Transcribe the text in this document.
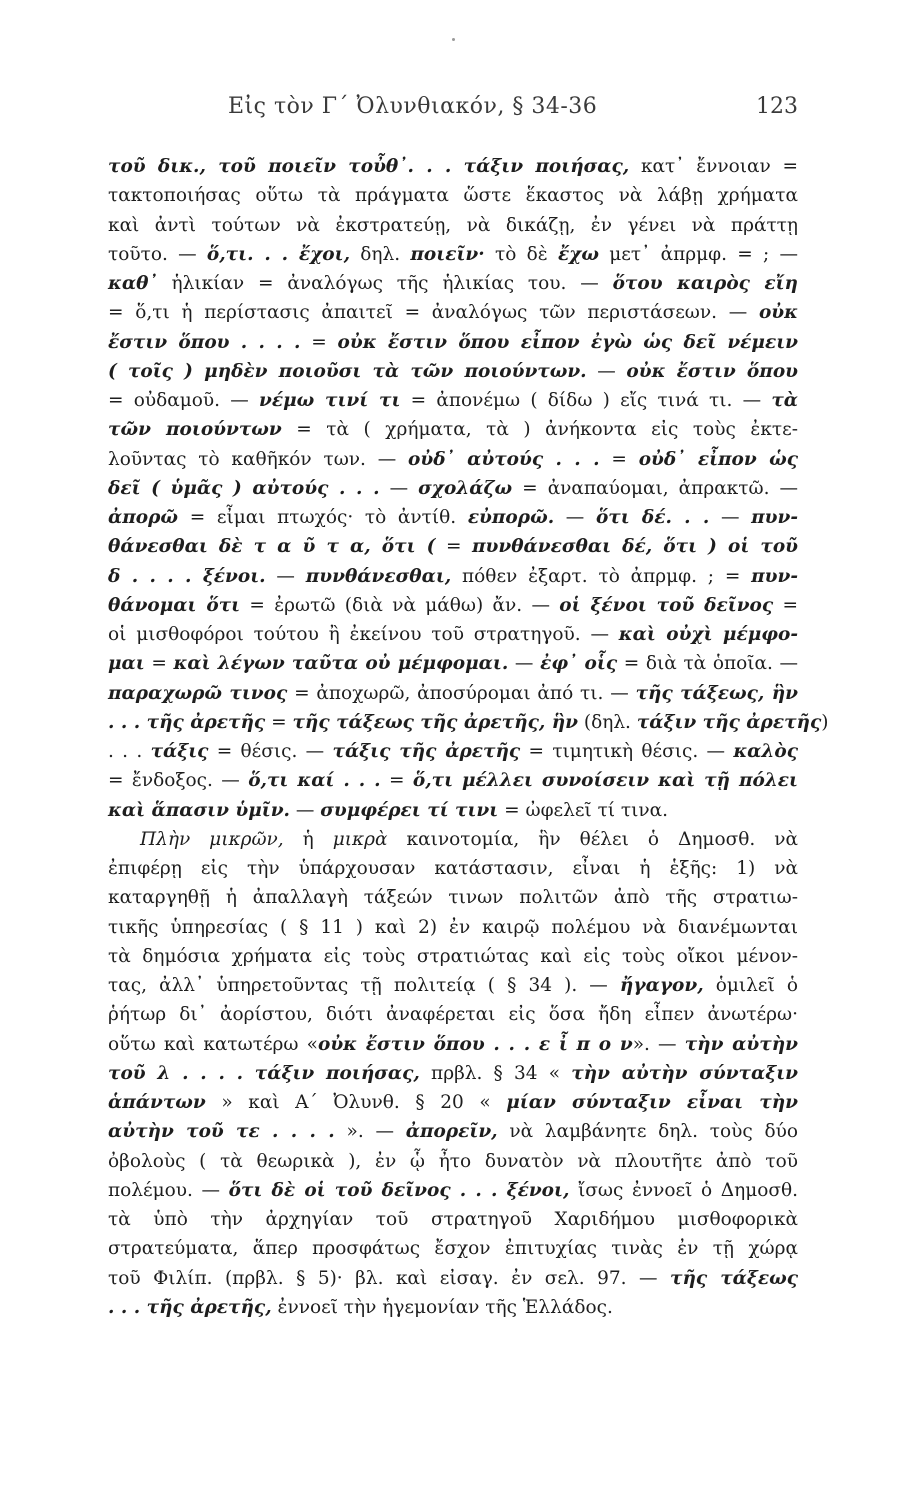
Εἰς τὸν Γ΄ Ὀλυνθιακόν, § 34-36	123
τοῦ δικ., τοῦ ποιεῖν τοὖθ᾽. . . τάξιν ποιήσας, κατ᾽ ἔννοιαν =
τακτοποιήσας οὕτω τὰ πράγματα ὥστε ἕκαστος νὰ λάβῃ χρήματα
καὶ ἀντὶ τούτων νὰ ἐκστρατεύῃ, νὰ δικάζῃ, ἐν γένει νὰ πράττῃ
τοῦτο. — ὅ,τι. . . ἔχοι, δηλ. ποιεῖν· τὸ δὲ ἔχω μετ᾽ ἀπρμφ. = ; —
καθ᾽ ἡλικίαν = ἀναλόγως τῆς ἡλικίας του. — ὅτου καιρὸς εἴη
= ὅ,τι ἡ περίστασις ἀπαιτεῖ = ἀναλόγως τῶν περιστάσεων. — οὐκ
ἔστιν ὅπου . . . . = οὐκ ἔστιν ὅπου εἶπον ἐγὼ ὡς δεῖ νέμειν
( τοῖς ) μηδὲν ποιοῦσι τὰ τῶν ποιούντων. — οὐκ ἔστιν ὅπου
= οὐδαμοῦ. — νέμω τινί τι = ἀπονέμω ( δίδω ) εἴς τινά τι. — τὰ
τῶν ποιούντων = τὰ ( χρήματα, τὰ ) ἀνήκοντα εἰς τοὺς ἐκτε-
λοῦντας τὸ καθῆκόν των. — οὐδ᾽ αὐτούς . . . = οὐδ᾽ εἶπον ὡς
δεῖ ( ὑμᾶς ) αὐτούς . . . — σχολάζω = ἀναπαύομαι, ἀπρακτῶ. —
ἀπορῶ = εἶμαι πτωχός· τὸ ἀντίθ. εὐπορῶ. — ὅτι δέ. . . — πυν-
θάνεσθαι δὲ τ α ῦ τ α, ὅτι ( = πυνθάνεσθαι δέ, ὅτι ) οἱ τοῦ
δ . . . . ξένοι. — πυνθάνεσθαι, πόθεν ἐξαρτ. τὸ ἀπρμφ. ; = πυν-
θάνομαι ὅτι = ἐρωτῶ (διὰ νὰ μάθω) ἄν. — οἱ ξένοι τοῦ δεῖνος =
οἱ μισθοφόροι τούτου ἢ ἐκείνου τοῦ στρατηγοῦ. — καὶ οὐχὶ μέμφο-
μαι = καὶ λέγων ταῦτα οὐ μέμφομαι. — ἐφ᾽ οἷς = διὰ τὰ ὁποῖα. —
παραχωρῶ τινος = ἀποχωρῶ, ἀποσύρομαι ἀπό τι. — τῆς τάξεως, ἣν
. . . τῆς ἀρετῆς = τῆς τάξεως τῆς ἀρετῆς, ἣν (δηλ. τάξιν τῆς ἀρετῆς)
. . . τάξις = θέσις. — τάξις τῆς ἀρετῆς = τιμητικὴ θέσις. — καλὸς
= ἔνδοξος. — ὅ,τι καί . . . = ὅ,τι μέλλει συνοίσειν καὶ τῇ πόλει
καὶ ἅπασιν ὑμῖν. — συμφέρει τί τινι = ὠφελεῖ τί τινα.
Πλὴν μικρῶν, ἡ μικρὰ καινοτομία, ἣν θέλει ὁ Δημοσθ. νὰ
ἐπιφέρῃ εἰς τὴν ὑπάρχουσαν κατάστασιν, εἶναι ἡ ἑξῆς: 1) νὰ
καταργηθῇ ἡ ἀπαλλαγὴ τάξεών τινων πολιτῶν ἀπὸ τῆς στρατιω-
τικῆς ὑπηρεσίας ( § 11 ) καὶ 2) ἐν καιρῷ πολέμου νὰ διανέμωνται
τὰ δημόσια χρήματα εἰς τοὺς στρατιώτας καὶ εἰς τοὺς οἴκοι μένον-
τας, ἀλλ᾽ ὑπηρετοῦντας τῇ πολιτείᾳ ( § 34 ). — ἤγαγον, ὁμιλεῖ ὁ
ῥήτωρ δι᾽ ἀορίστου, διότι ἀναφέρεται εἰς ὅσα ἤδη εἶπεν ἀνωτέρω·
οὕτω καὶ κατωτέρω «οὐκ ἔστιν ὅπου . . . ε ἶ π ο ν». — τὴν αὐτὴν
τοῦ λ . . . . τάξιν ποιήσας, πρβλ. § 34 « τὴν αὐτὴν σύνταξιν
ἁπάντων » καὶ Α΄ Ὀλυνθ. § 20 « μίαν σύνταξιν εἶναι τὴν
αὐτὴν τοῦ τε . . . . ». — ἀπορεῖν, νὰ λαμβάνητε δηλ. τοὺς δύο
ὀβολοὺς ( τὰ θεωρικὰ ), ἐν ᾧ ἦτο δυνατὸν νὰ πλουτῆτε ἀπὸ τοῦ
πολέμου. — ὅτι δὲ οἱ τοῦ δεῖνος . . . ξένοι, ἴσως ἐννοεῖ ὁ Δημοσθ.
τὰ ὑπὸ τὴν ἀρχηγίαν τοῦ στρατηγοῦ Χαριδήμου μισθοφορικὰ
στρατεύματα, ἅπερ προσφάτως ἔσχον ἐπιτυχίας τινὰς ἐν τῇ χώρᾳ
τοῦ Φιλίπ. (πρβλ. § 5)· βλ. καὶ εἰσαγ. ἐν σελ. 97. — τῆς τάξεως
. . . τῆς ἀρετῆς, ἐννοεῖ τὴν ἡγεμονίαν τῆς Ἑλλάδος.
